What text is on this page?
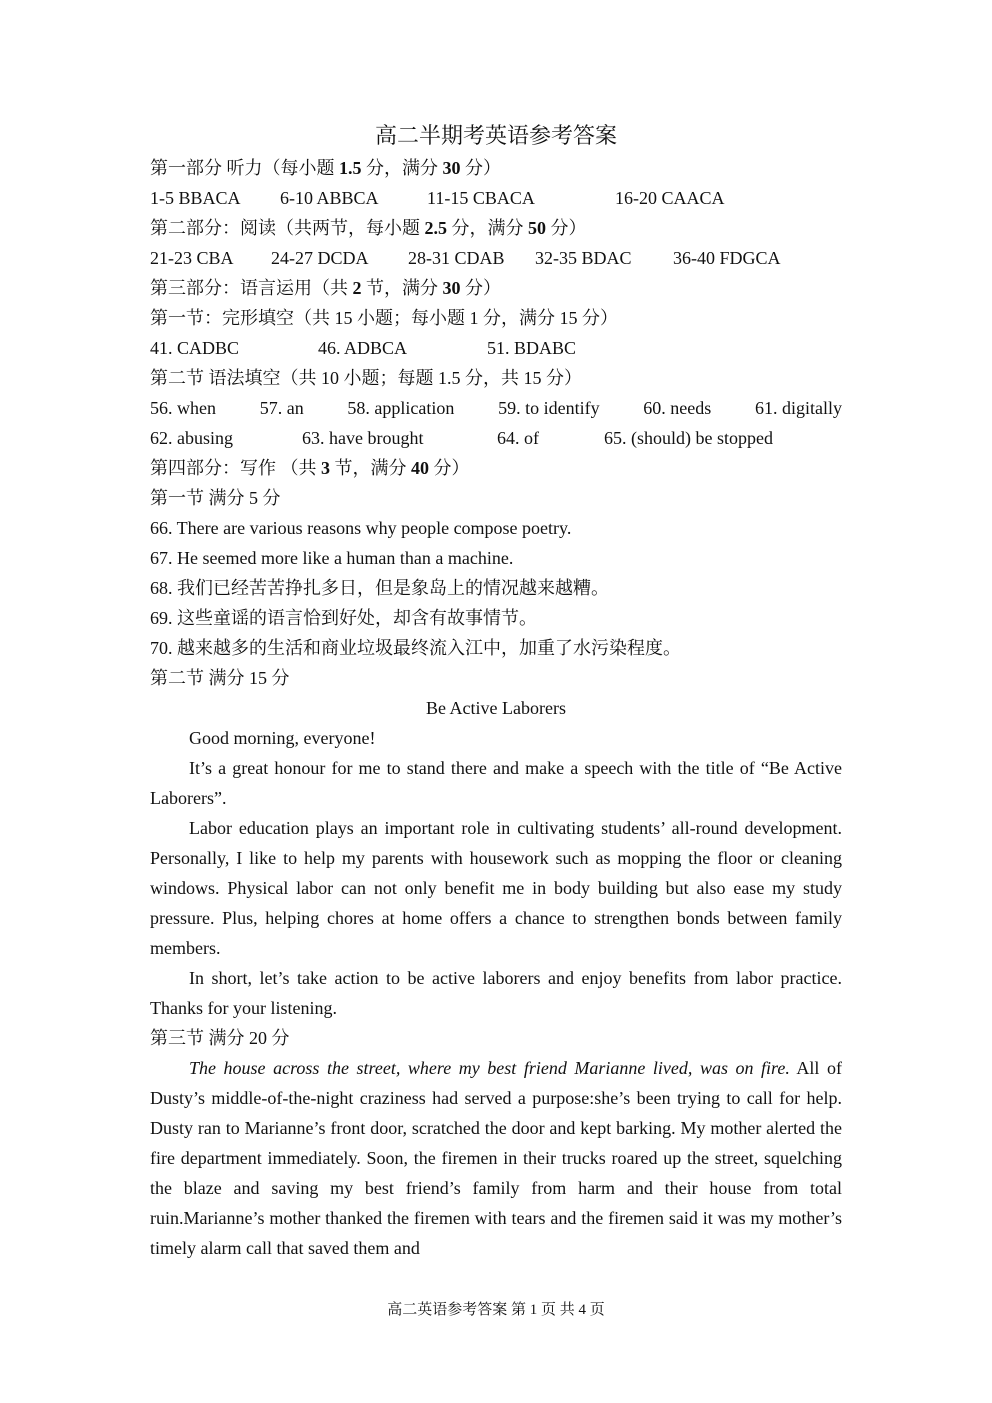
高二半期考英语参考答案
第一部分 听力（每小题 1.5 分，满分 30 分）
1-5 BBACA	6-10 ABBCA	11-15 CBACA	16-20 CAACA
第二部分：阅读（共两节，每小题 2.5 分，满分 50 分）
21-23 CBA	24-27 DCDA	28-31 CDAB	32-35 BDAC	36-40 FDGCA
第三部分：语言运用（共 2 节，满分 30 分）
第一节：完形填空（共 15 小题；每小题 1 分，满分 15 分）
41. CADBC	46. ADBCA	51. BDABC
第二节 语法填空（共 10 小题；每题 1.5 分，共 15 分）
56. when 57. an 58. application 59. to identify 60. needs 61. digitally
62. abusing	63. have brought	64. of	65. (should) be stopped
第四部分：写作 （共 3 节，满分 40 分）
第一节 满分 5 分
66. There are various reasons why people compose poetry.
67. He seemed more like a human than a machine.
68. 我们已经苦苦挣扎多日，但是象岛上的情况越来越糟。
69. 这些童谣的语言恰到好处，却含有故事情节。
70. 越来越多的生活和商业垃圾最终流入江中，加重了水污染程度。
第二节 满分 15 分
Be Active Laborers

Good morning, everyone!

It’s a great honour for me to stand there and make a speech with the title of “Be Active Laborers”.

Labor education plays an important role in cultivating students’ all-round development. Personally, I like to help my parents with housework such as mopping the floor or cleaning windows. Physical labor can not only benefit me in body building but also ease my study pressure. Plus, helping chores at home offers a chance to strengthen bonds between family members.

In short, let’s take action to be active laborers and enjoy benefits from labor practice. Thanks for your listening.

第三节 满分 20 分

The house across the street, where my best friend Marianne lived, was on fire. All of Dusty’s middle-of-the-night craziness had served a purpose:she’s been trying to call for help. Dusty ran to Marianne’s front door, scratched the door and kept barking. My mother alerted the fire department immediately. Soon, the firemen in their trucks roared up the street, squelching the blaze and saving my best friend’s family from harm and their house from total ruin.Marianne’s mother thanked the firemen with tears and the firemen said it was my mother’s timely alarm call that saved them and

高二英语参考答案 第 1 页 共 4 页
